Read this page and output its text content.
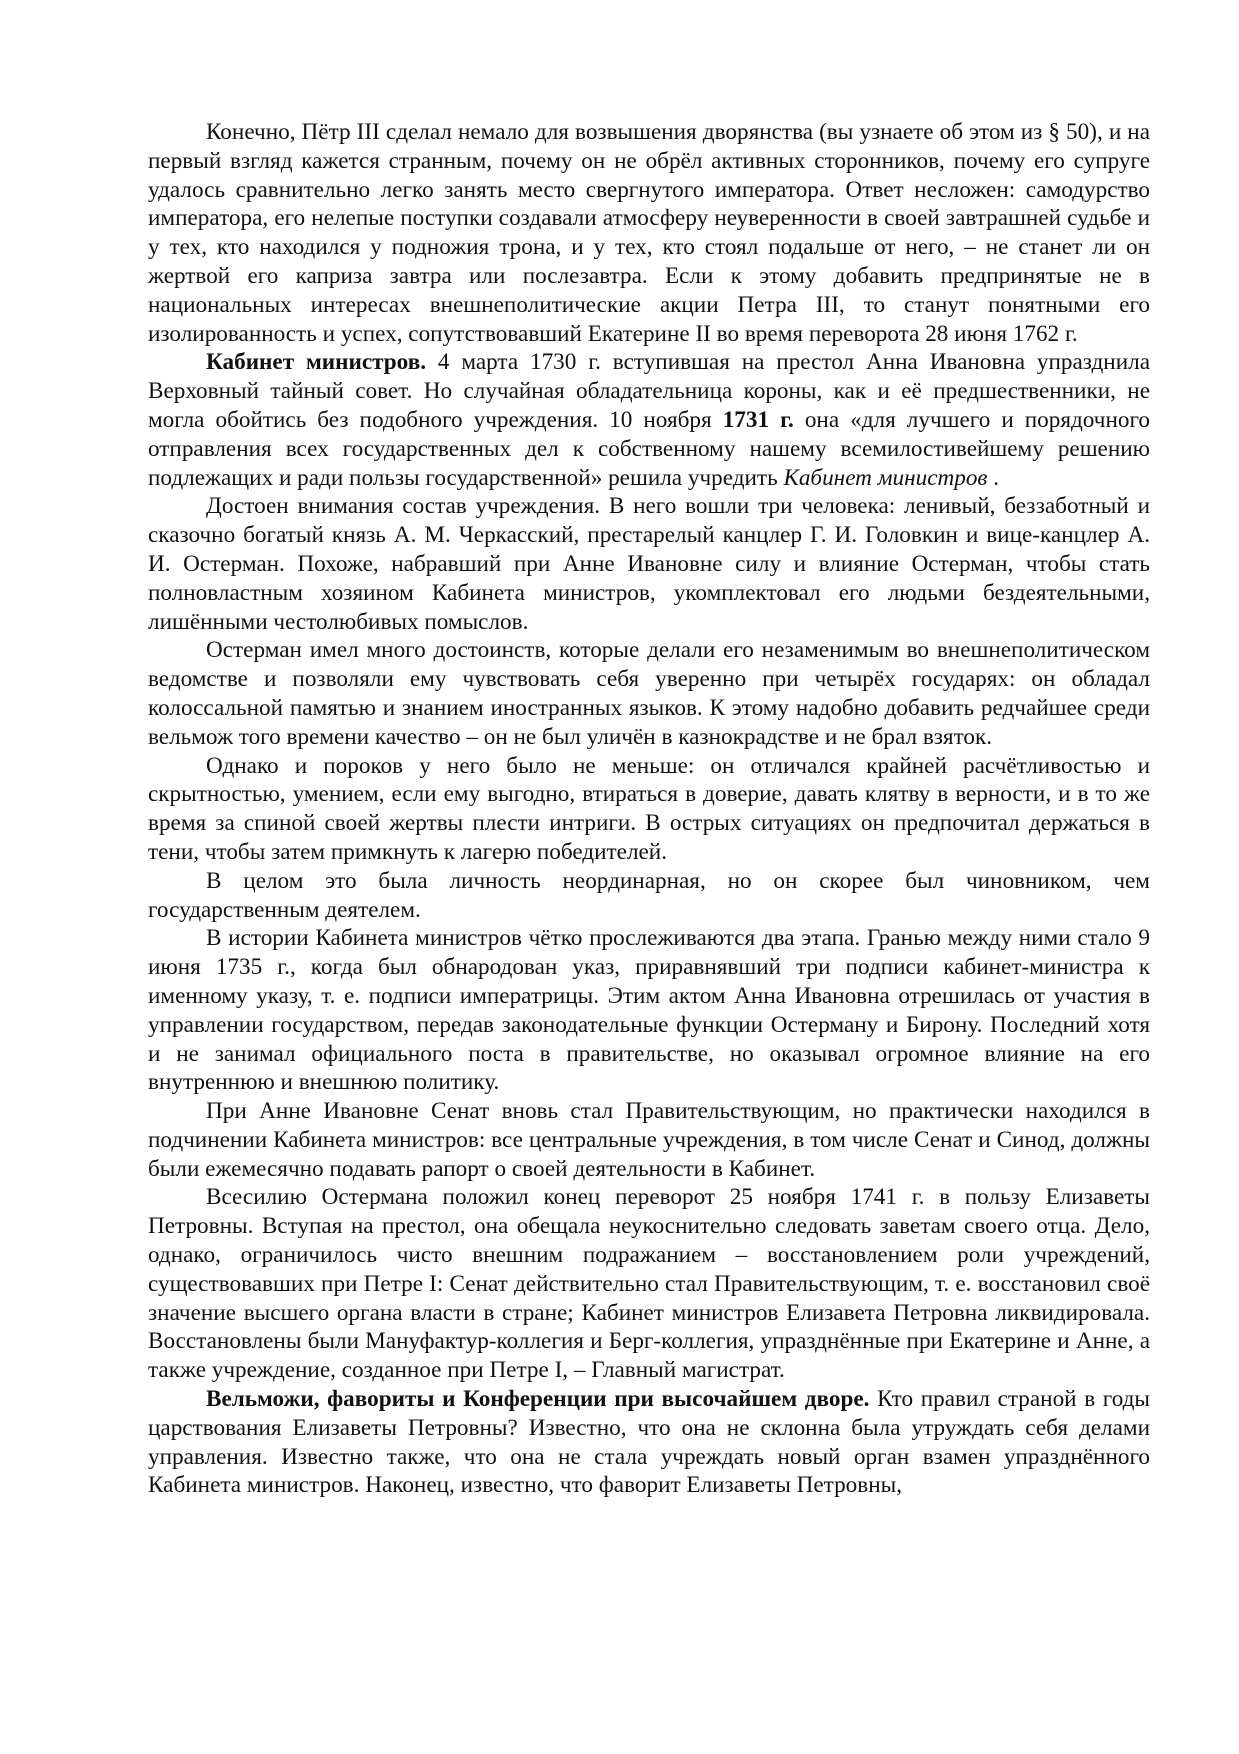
Конечно, Пётр III сделал немало для возвышения дворянства (вы узнаете об этом из § 50), и на первый взгляд кажется странным, почему он не обрёл активных сторонников, почему его супруге удалось сравнительно легко занять место свергнутого императора. Ответ несложен: самодурство императора, его нелепые поступки создавали атмосферу неуверенности в своей завтрашней судьбе и у тех, кто находился у подножия трона, и у тех, кто стоял подальше от него, – не станет ли он жертвой его каприза завтра или послезавтра. Если к этому добавить предпринятые не в национальных интересах внешнеполитические акции Петра III, то станут понятными его изолированность и успех, сопутствовавший Екатерине II во время переворота 28 июня 1762 г.

Кабинет министров. 4 марта 1730 г. вступившая на престол Анна Ивановна упразднила Верховный тайный совет. Но случайная обладательница короны, как и её предшественники, не могла обойтись без подобного учреждения. 10 ноября 1731 г. она «для лучшего и порядочного отправления всех государственных дел к собственному нашему всемилостивейшему решению подлежащих и ради пользы государственной» решила учредить Кабинет министров .

Достоен внимания состав учреждения. В него вошли три человека: ленивый, беззаботный и сказочно богатый князь А. М. Черкасский, престарелый канцлер Г. И. Головкин и вице-канцлер А. И. Остерман. Похоже, набравший при Анне Ивановне силу и влияние Остерман, чтобы стать полновластным хозяином Кабинета министров, укомплектовал его людьми бездеятельными, лишёнными честолюбивых помыслов.

Остерман имел много достоинств, которые делали его незаменимым во внешнеполитическом ведомстве и позволяли ему чувствовать себя уверенно при четырёх государях: он обладал колоссальной памятью и знанием иностранных языков. К этому надобно добавить редчайшее среди вельмож того времени качество – он не был уличён в казнокрадстве и не брал взяток.

Однако и пороков у него было не меньше: он отличался крайней расчётливостью и скрытностью, умением, если ему выгодно, втираться в доверие, давать клятву в верности, и в то же время за спиной своей жертвы плести интриги. В острых ситуациях он предпочитал держаться в тени, чтобы затем примкнуть к лагерю победителей.

В целом это была личность неординарная, но он скорее был чиновником, чем государственным деятелем.

В истории Кабинета министров чётко прослеживаются два этапа. Гранью между ними стало 9 июня 1735 г., когда был обнародован указ, приравнявший три подписи кабинет-министра к именному указу, т. е. подписи императрицы. Этим актом Анна Ивановна отрешилась от участия в управлении государством, передав законодательные функции Остерману и Бирону. Последний хотя и не занимал официального поста в правительстве, но оказывал огромное влияние на его внутреннюю и внешнюю политику.

При Анне Ивановне Сенат вновь стал Правительствующим, но практически находился в подчинении Кабинета министров: все центральные учреждения, в том числе Сенат и Синод, должны были ежемесячно подавать рапорт о своей деятельности в Кабинет.

Всесилию Остермана положил конец переворот 25 ноября 1741 г. в пользу Елизаветы Петровны. Вступая на престол, она обещала неукоснительно следовать заветам своего отца. Дело, однако, ограничилось чисто внешним подражанием – восстановлением роли учреждений, существовавших при Петре I: Сенат действительно стал Правительствующим, т. е. восстановил своё значение высшего органа власти в стране; Кабинет министров Елизавета Петровна ликвидировала. Восстановлены были Мануфактур-коллегия и Берг-коллегия, упразднённые при Екатерине и Анне, а также учреждение, созданное при Петре I, – Главный магистрат.

Вельможи, фавориты и Конференции при высочайшем дворе. Кто правил страной в годы царствования Елизаветы Петровны? Известно, что она не склонна была утруждать себя делами управления. Известно также, что она не стала учреждать новый орган взамен упразднённого Кабинета министров. Наконец, известно, что фаворит Елизаветы Петровны,
